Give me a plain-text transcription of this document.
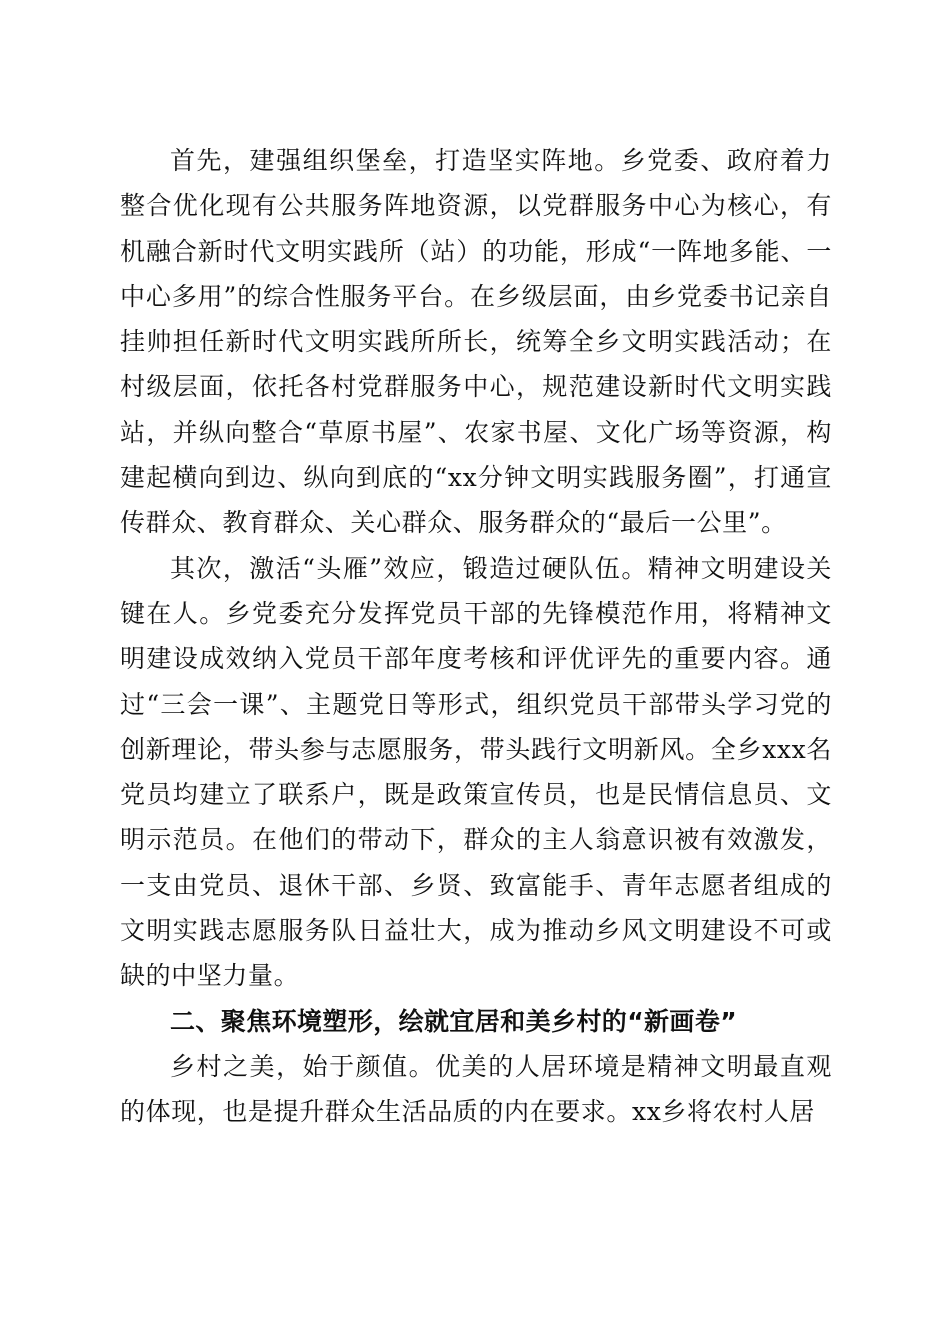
首先，建强组织堡垒，打造坚实阵地。乡党委、政府着力整合优化现有公共服务阵地资源，以党群服务中心为核心，有机融合新时代文明实践所（站）的功能，形成“一阵地多能、一中心多用”的综合性服务平台。在乡级层面，由乡党委书记亲自挂帅担任新时代文明实践所所长，统筹全乡文明实践活动；在村级层面，依托各村党群服务中心，规范建设新时代文明实践站，并纵向整合“草原书屋”、农家书屋、文化广场等资源，构建起横向到边、纵向到底的“xx分钟文明实践服务圈”，打通宣传群众、教育群众、关心群众、服务群众的“最后一公里”。

其次，激活“头雁”效应，锻造过硬队伍。精神文明建设关键在人。乡党委充分发挥党员干部的先锋模范作用，将精神文明建设成效纳入党员干部年度考核和评优评先的重要内容。通过“三会一课”、主题党日等形式，组织党员干部带头学习党的创新理论，带头参与志愿服务，带头践行文明新风。全乡xxx名党员均建立了联系户，既是政策宣传员，也是民情信息员、文明示范员。在他们的带动下，群众的主人翁意识被有效激发，一支由党员、退休干部、乡贤、致富能手、青年志愿者组成的文明实践志愿服务队日益壮大，成为推动乡风文明建设不可或缺的中坚力量。

二、聚焦环境塑形，绘就宜居和美乡村的“新画卷”

乡村之美，始于颜值。优美的人居环境是精神文明最直观的体现，也是提升群众生活品质的内在要求。xx乡将农村人居
